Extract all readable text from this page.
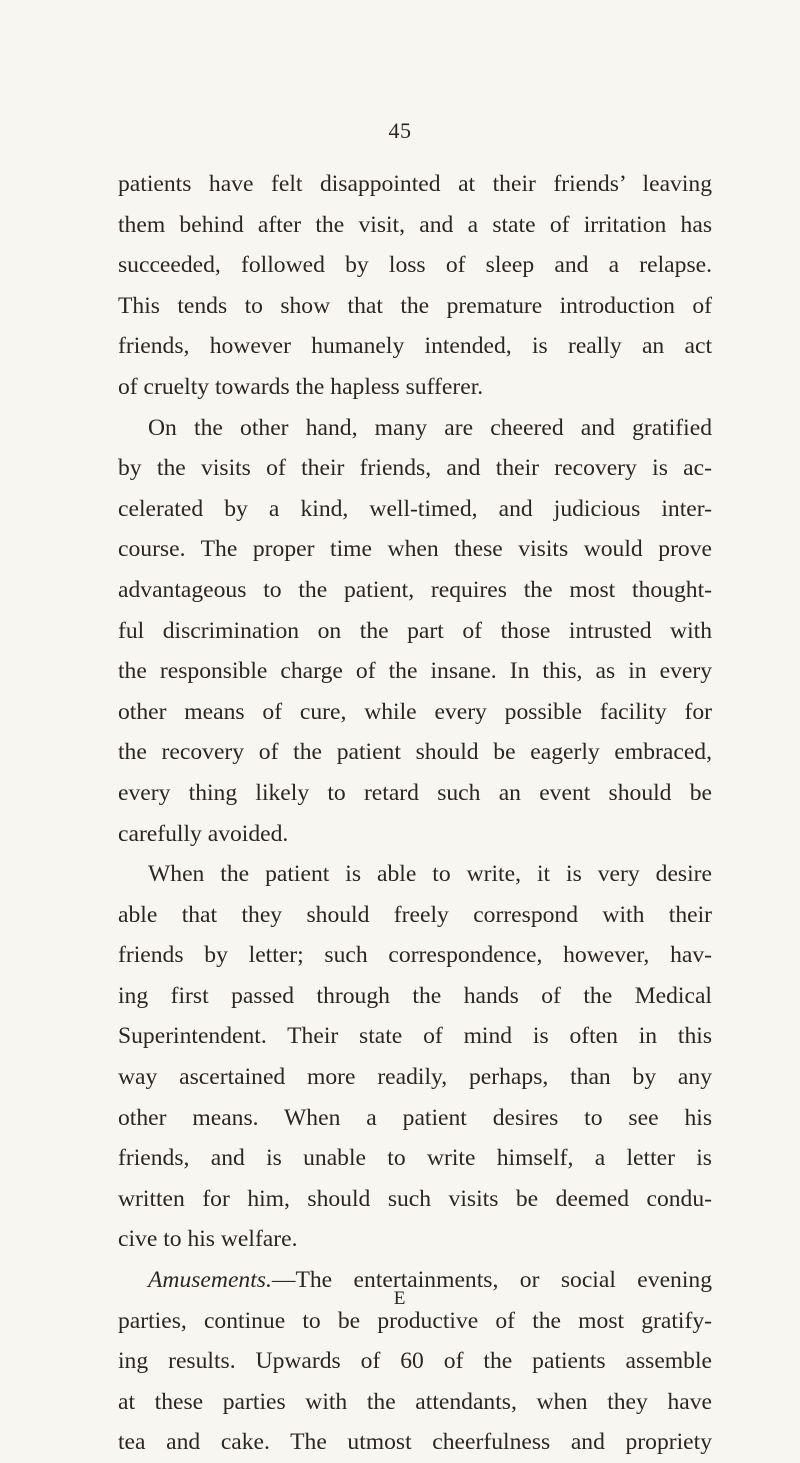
45
patients have felt disappointed at their friends’ leaving
them behind after the visit, and a state of irritation has
succeeded, followed by loss of sleep and a relapse.
This tends to show that the premature introduction of
friends, however humanely intended, is really an act
of cruelty towards the hapless sufferer.
On the other hand, many are cheered and gratified
by the visits of their friends, and their recovery is ac-
celerated by a kind, well-timed, and judicious inter-
course. The proper time when these visits would prove
advantageous to the patient, requires the most thought-
ful discrimination on the part of those intrusted with
the responsible charge of the insane. In this, as in every
other means of cure, while every possible facility for
the recovery of the patient should be eagerly embraced,
every thing likely to retard such an event should be
carefully avoided.
When the patient is able to write, it is very desire
able that they should freely correspond with their
friends by letter; such correspondence, however, hav-
ing first passed through the hands of the Medical
Superintendent. Their state of mind is often in this
way ascertained more readily, perhaps, than by any
other means. When a patient desires to see his
friends, and is unable to write himself, a letter is
written for him, should such visits be deemed condu-
cive to his welfare.
Amusements.—The entertainments, or social evening
parties, continue to be productive of the most gratify-
ing results. Upwards of 60 of the patients assemble
at these parties with the attendants, when they have
tea and cake. The utmost cheerfulness and propriety
E
